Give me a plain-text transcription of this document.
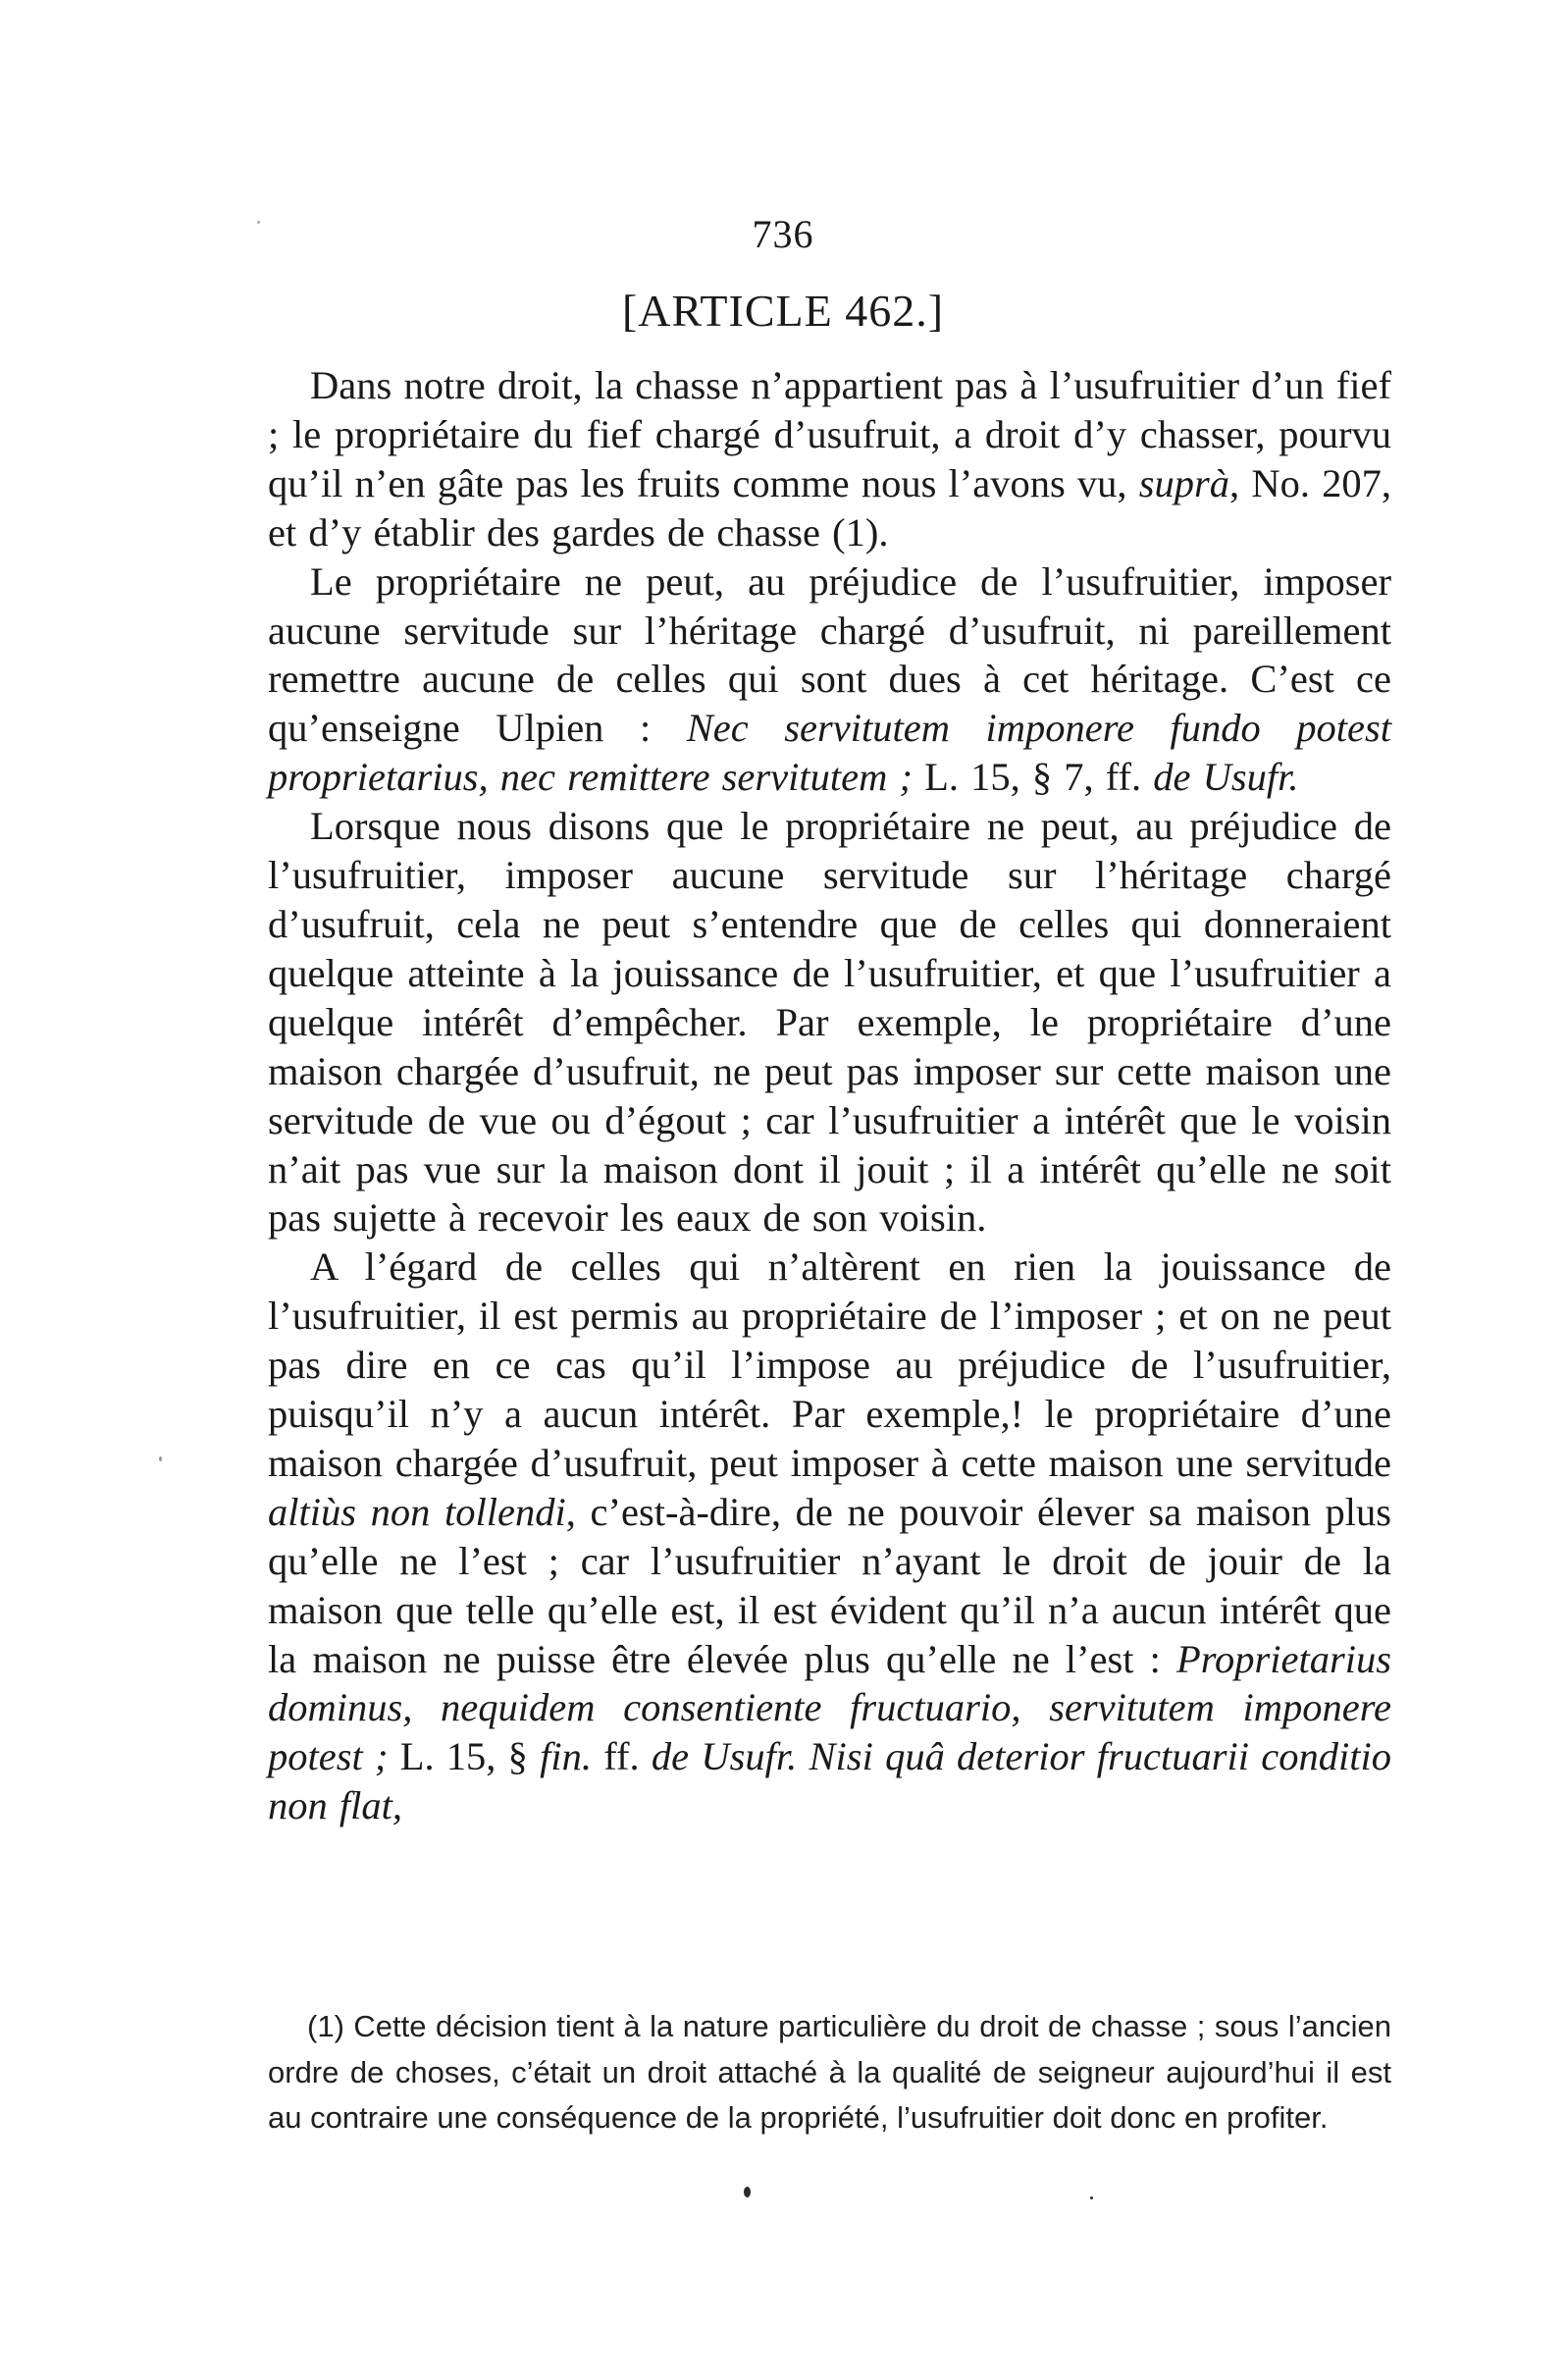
736
[ARTICLE 462.]

Dans notre droit, la chasse n’appartient pas à l’usufruitier d’un fief ; le propriétaire du fief chargé d’usufruit, a droit d’y chasser, pourvu qu’il n’en gâte pas les fruits comme nous l’avons vu, suprà, No. 207, et d’y établir des gardes de chasse (1).

Le propriétaire ne peut, au préjudice de l’usufruitier, imposer aucune servitude sur l’héritage chargé d’usufruit, ni pareillement remettre aucune de celles qui sont dues à cet héritage. C’est ce qu’enseigne Ulpien : Nec servitutem imponere fundo potest proprietarius, nec remittere servitutem ; L. 15, § 7, ff. de Usufr.

Lorsque nous disons que le propriétaire ne peut, au préjudice de l’usufruitier, imposer aucune servitude sur l’héritage chargé d’usufruit, cela ne peut s’entendre que de celles qui donneraient quelque atteinte à la jouissance de l’usufruitier, et que l’usufruitier a quelque intérêt d’empêcher. Par exemple, le propriétaire d’une maison chargée d’usufruit, ne peut pas imposer sur cette maison une servitude de vue ou d’égout ; car l’usufruitier a intérêt que le voisin n’ait pas vue sur la maison dont il jouit ; il a intérêt qu’elle ne soit pas sujette à recevoir les eaux de son voisin.

A l’égard de celles qui n’altèrent en rien la jouissance de l’usufruitier, il est permis au propriétaire de l’imposer ; et on ne peut pas dire en ce cas qu’il l’impose au préjudice de l’usufruitier, puisqu’il n’y a aucun intérêt. Par exemple,! le propriétaire d’une maison chargée d’usufruit, peut imposer à cette maison une servitude altiùs non tollendi, c’est-à-dire, de ne pouvoir élever sa maison plus qu’elle ne l’est ; car l’usufruitier n’ayant le droit de jouir de la maison que telle qu’elle est, il est évident qu’il n’a aucun intérêt que la maison ne puisse être élevée plus qu’elle ne l’est : Proprietarius dominus, nequidem consentiente fructuario, servitutem imponere potest ; L. 15, § fin. ff. de Usufr. Nisi quâ deterior fructuarii conditio non flat,

(1) Cette décision tient à la nature particulière du droit de chasse ; sous l’ancien ordre de choses, c’était un droit attaché à la qualité de seigneur aujourd’hui il est au contraire une conséquence de la propriété, l’usufruitier doit donc en profiter.
